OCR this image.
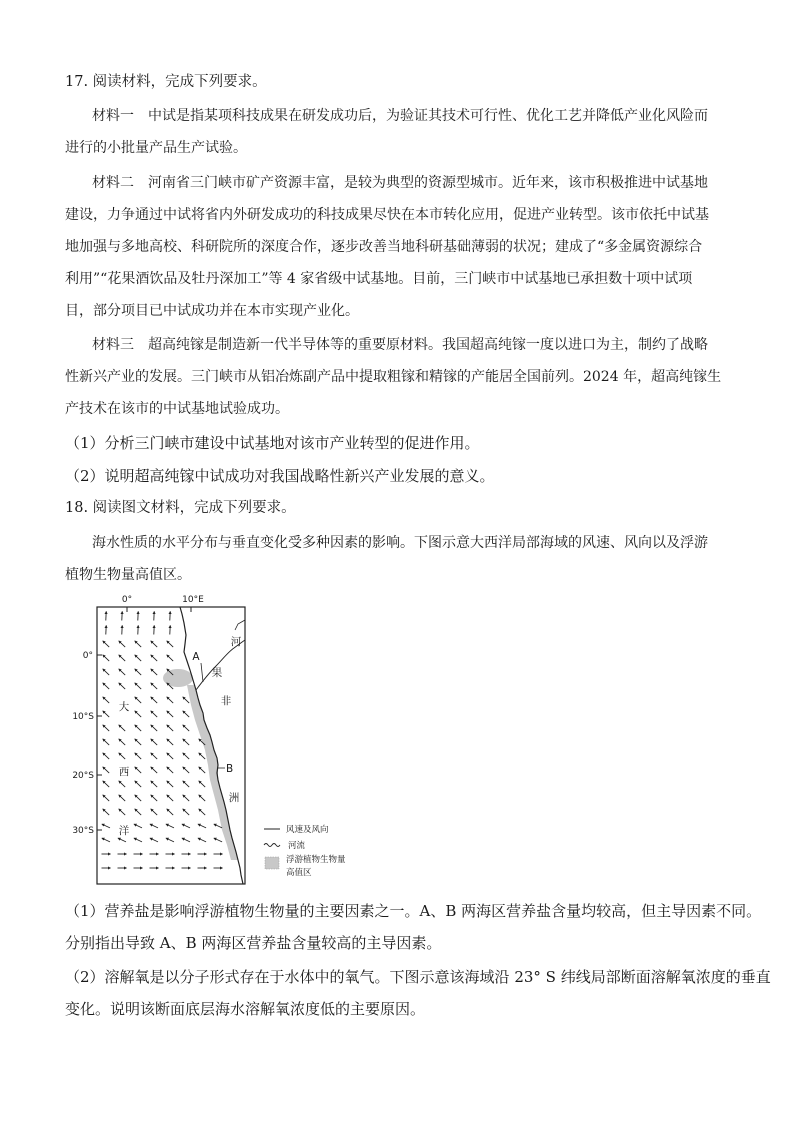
17. 阅读材料，完成下列要求。
材料一　中试是指某项科技成果在研发成功后，为验证其技术可行性、优化工艺并降低产业化风险而
进行的小批量产品生产试验。
材料二　河南省三门峡市矿产资源丰富，是较为典型的资源型城市。近年来，该市积极推进中试基地
建设，力争通过中试将省内外研发成功的科技成果尽快在本市转化应用，促进产业转型。该市依托中试基
地加强与多地高校、科研院所的深度合作，逐步改善当地科研基础薄弱的状况；建成了“多金属资源综合
利用”“花果酒饮品及牡丹深加工”等 4 家省级中试基地。目前，三门峡市中试基地已承担数十项中试项
目，部分项目已中试成功并在本市实现产业化。
材料三　超高纯镓是制造新一代半导体等的重要原材料。我国超高纯镓一度以进口为主，制约了战略
性新兴产业的发展。三门峡市从铝冶炼副产品中提取粗镓和精镓的产能居全国前列。2024 年，超高纯镓生
产技术在该市的中试基地试验成功。
（1）分析三门峡市建设中试基地对该市产业转型的促进作用。
（2）说明超高纯镓中试成功对我国战略性新兴产业发展的意义。
18. 阅读图文材料，完成下列要求。
海水性质的水平分布与垂直变化受多种因素的影响。下图示意大西洋局部海域的风速、风向以及浮游
植物生物量高值区。
0°	10°E
0°
10°S
20°S
30°S
A
B
大
西
洋
非
洲
河
果
风速及风向
河流
浮游植物生物量
高值区
（1）营养盐是影响浮游植物生物量的主要因素之一。A、B 两海区营养盐含量均较高，但主导因素不同。
分别指出导致 A、B 两海区营养盐含量较高的主导因素。
（2）溶解氧是以分子形式存在于水体中的氧气。下图示意该海域沿 23° S 纬线局部断面溶解氧浓度的垂直
变化。说明该断面底层海水溶解氧浓度低的主要原因。
